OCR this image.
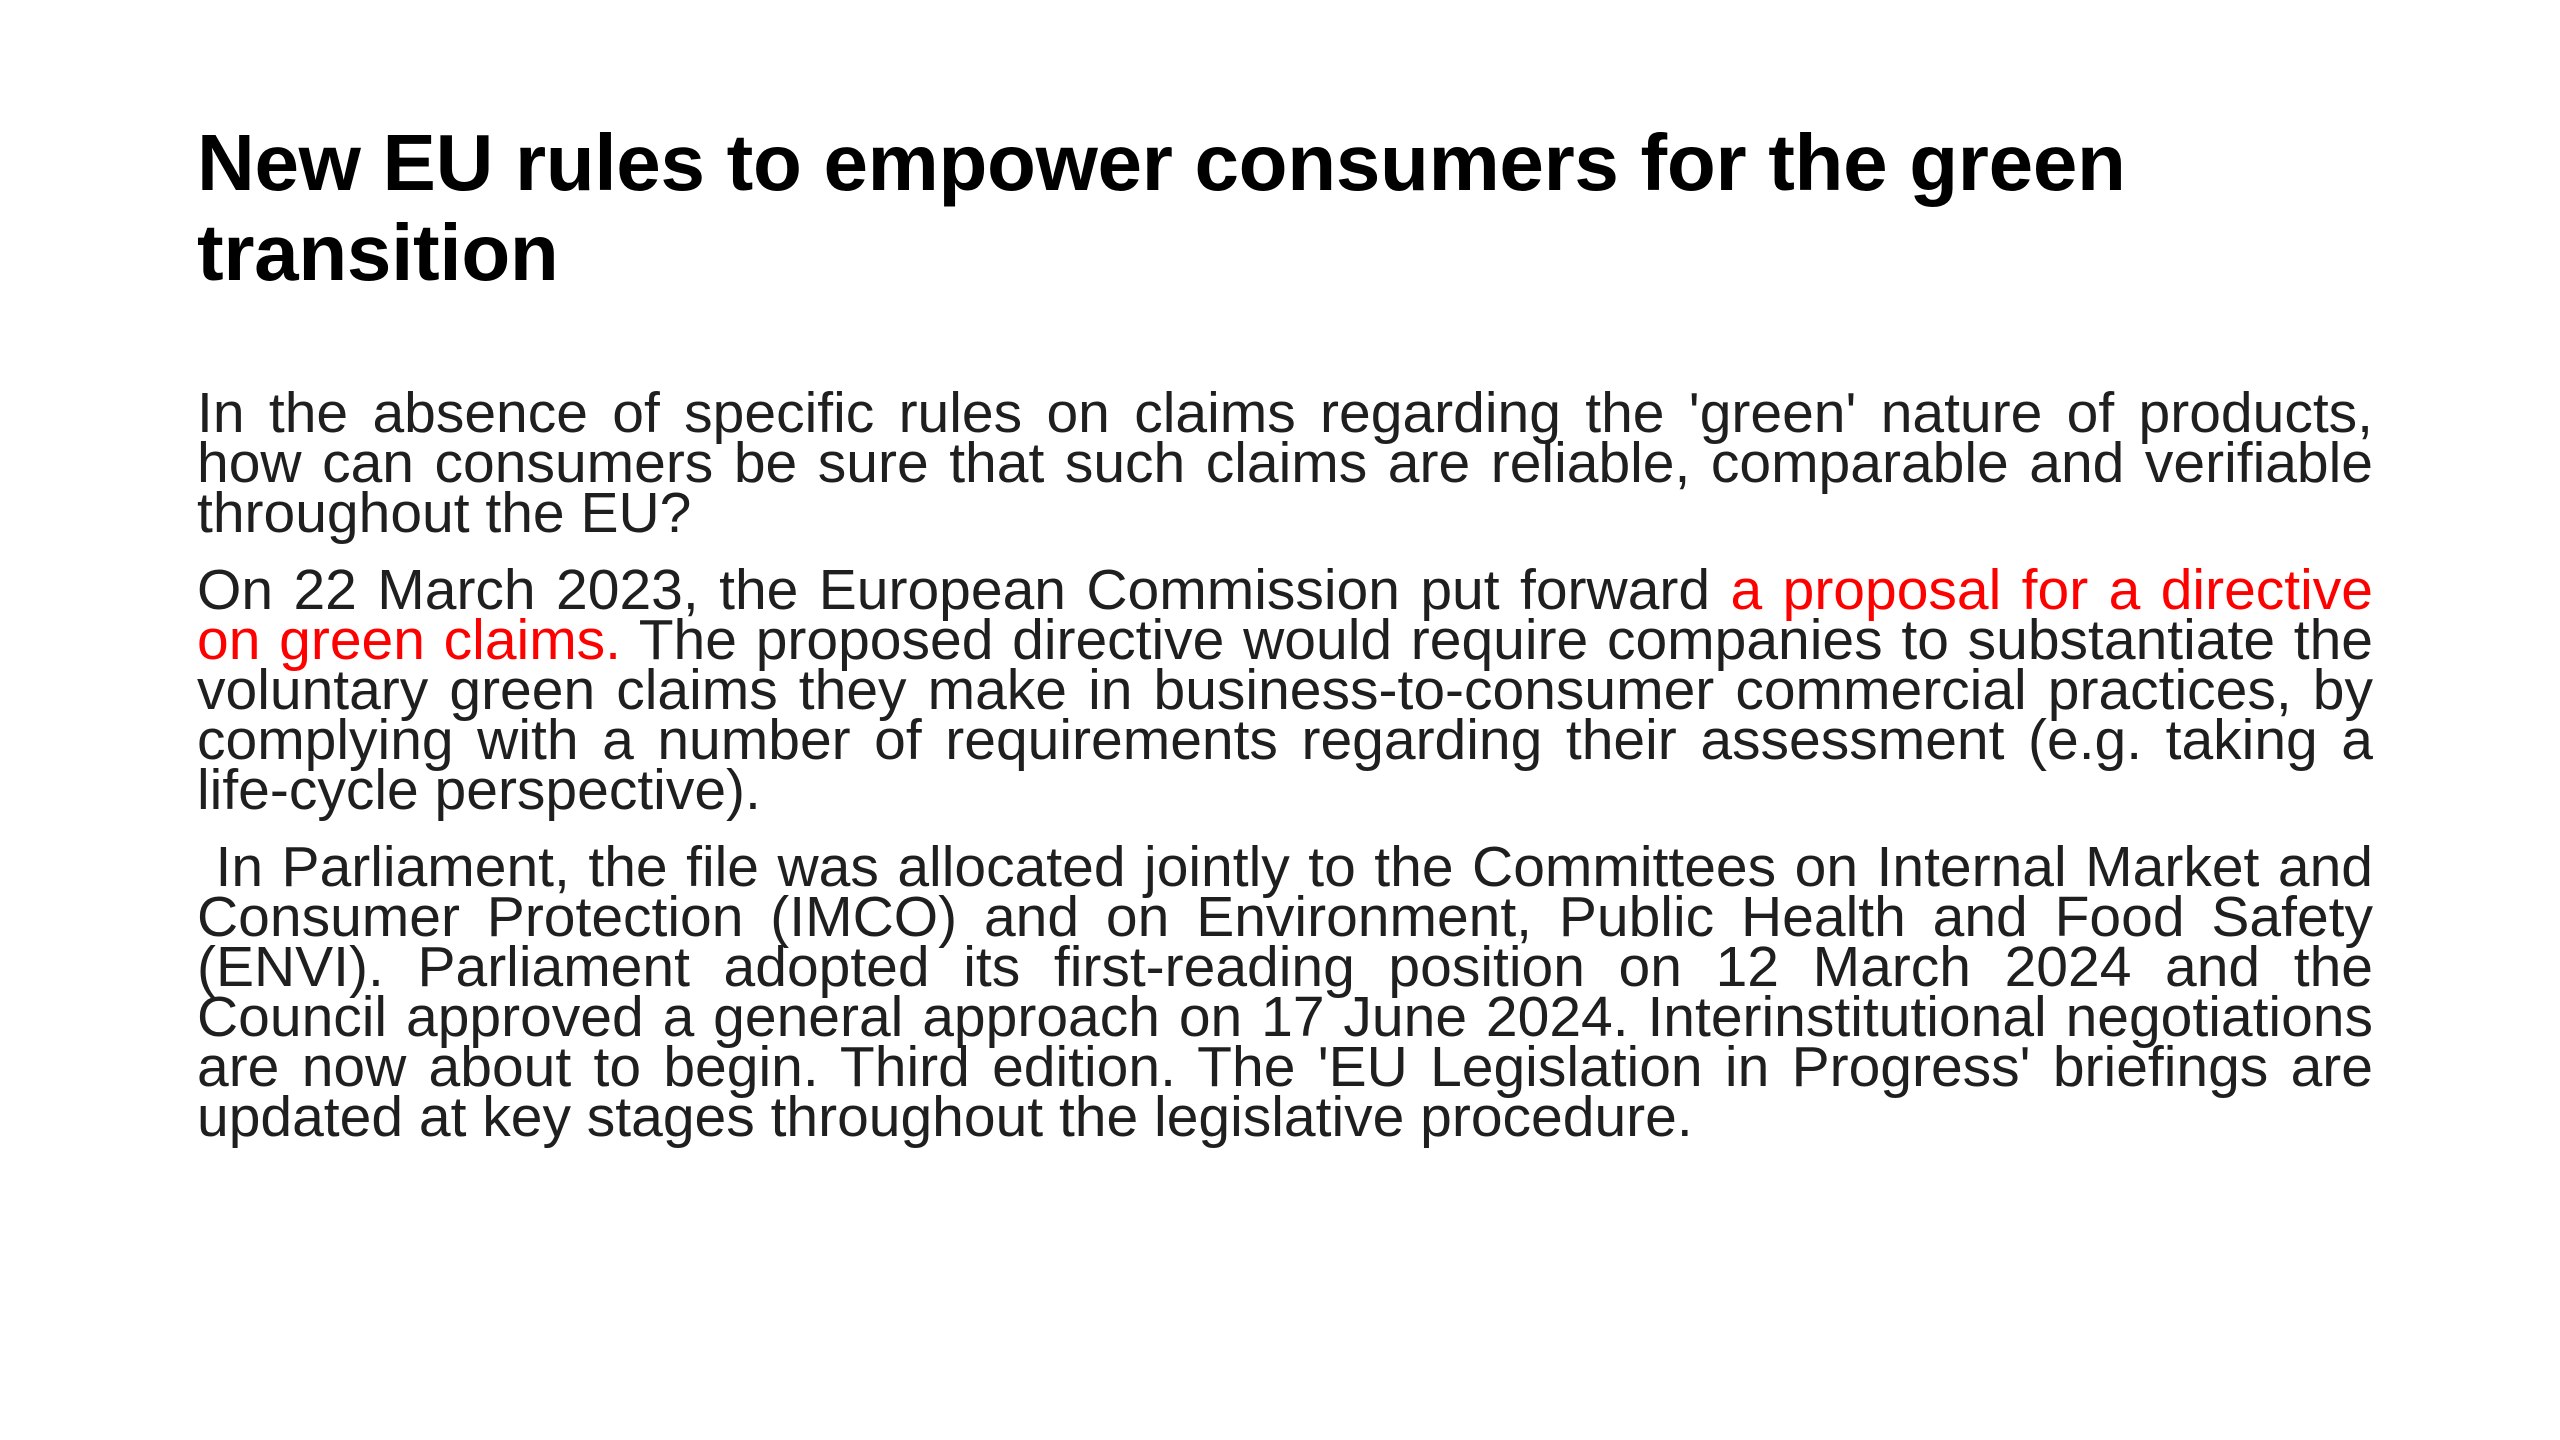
New EU rules to empower consumers for the green transition

In the absence of specific rules on claims regarding the 'green' nature of products, how can consumers be sure that such claims are reliable, comparable and verifiable throughout the EU?

On 22 March 2023, the European Commission put forward a proposal for a directive on green claims. The proposed directive would require companies to substantiate the voluntary green claims they make in business-to-consumer commercial practices, by complying with a number of requirements regarding their assessment (e.g. taking a life-cycle perspective).

In Parliament, the file was allocated jointly to the Committees on Internal Market and Consumer Protection (IMCO) and on Environment, Public Health and Food Safety (ENVI). Parliament adopted its first-reading position on 12 March 2024 and the Council approved a general approach on 17 June 2024. Interinstitutional negotiations are now about to begin. Third edition. The 'EU Legislation in Progress' briefings are updated at key stages throughout the legislative procedure.
